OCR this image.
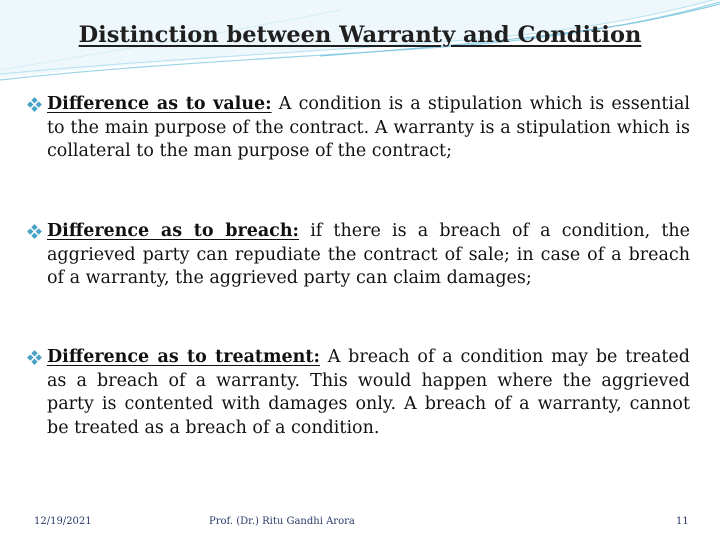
Distinction between Warranty and Condition

Difference as to value: A condition is a stipulation which is essential to the main purpose of the contract. A warranty is a stipulation which is collateral to the man purpose of the contract;

Difference as to breach: if there is a breach of a condition, the aggrieved party can repudiate the contract of sale; in case of a breach of a warranty, the aggrieved party can claim damages;

Difference as to treatment: A breach of a condition may be treated as a breach of a warranty. This would happen where the aggrieved party is contented with damages only. A breach of a warranty, cannot be treated as a breach of a condition.

12/19/2021	Prof. (Dr.) Ritu Gandhi Arora	11
